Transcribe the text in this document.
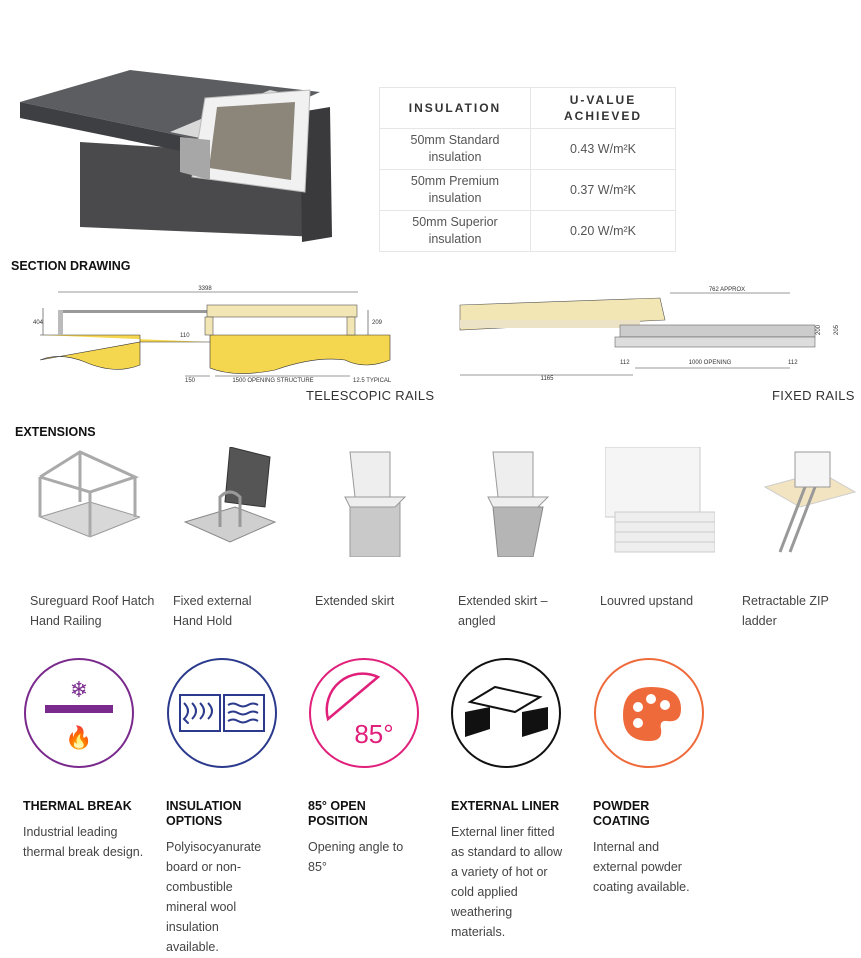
INSULATION	U-VALUE ACHIEVED

50mm Standard insulation	0.43 W/m²K

50mm Premium insulation	0.37 W/m²K

50mm Superior insulation	0.20 W/m²K
SECTION DRAWING
3398
404	209
110
150	1500 OPENING STRUCTURE	12.5 TYPICAL
TELESCOPIC RAILS
762 APPROX
200 205
112	1000 OPENING	112
1165
FIXED RAILS
EXTENSIONS
Sureguard Roof Hatch Hand Railing
Fixed external Hand Hold
Extended skirt	Extended skirt – angled
Louvred upstand	Retractable ZIP ladder
❄
🔥	85°
THERMAL BREAK
Industrial leading thermal break design.
INSULATION OPTIONS
Polyisocyanurate board or non-combustible mineral wool insulation available.
85° OPEN POSITION
Opening angle to 85°
EXTERNAL LINER
External liner fitted as standard to allow a variety of hot or cold applied weathering materials.
POWDER COATING
Internal and external powder coating available.
